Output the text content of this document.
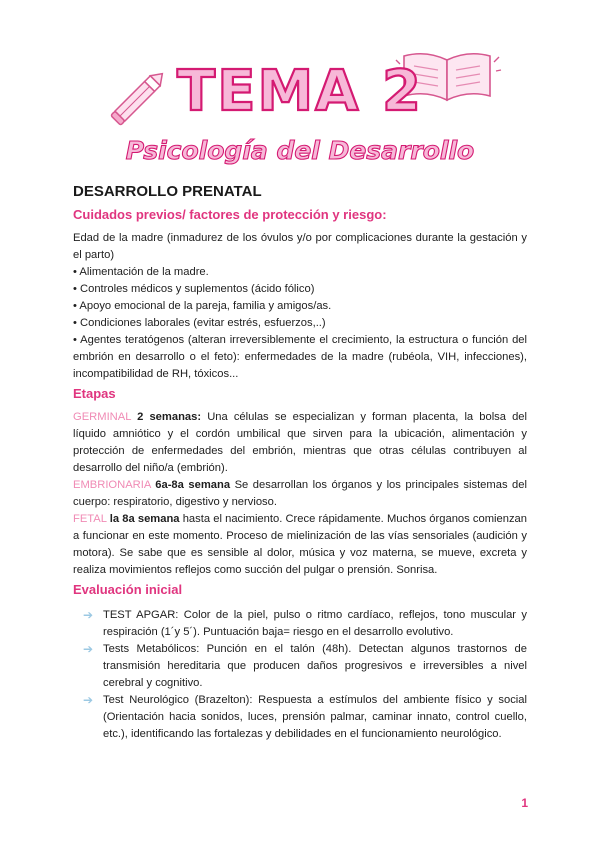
TEMA 2
Psicología del Desarrollo
DESARROLLO PRENATAL
Cuidados previos/ factores de protección y riesgo:

Edad de la madre (inmadurez de los óvulos y/o por complicaciones durante la gestación y el parto)

• Alimentación de la madre.

• Controles médicos y suplementos (ácido fólico)

• Apoyo emocional de la pareja, familia y amigos/as.

• Condiciones laborales (evitar estrés, esfuerzos,..)

• Agentes teratógenos (alteran irreversiblemente el crecimiento, la estructura o función del embrión en desarrollo o el feto): enfermedades de la madre (rubéola, VIH, infecciones), incompatibilidad de RH, tóxicos...

Etapas

GERMINAL 2 semanas: Una células se especializan y forman placenta, la bolsa del líquido amniótico y el cordón umbilical que sirven para la ubicación, alimentación y protección de enfermedades del embrión, mientras que otras células contribuyen al desarrollo del niño/a (embrión).

EMBRIONARIA 6a-8a semana Se desarrollan los órganos y los principales sistemas del cuerpo: respiratorio, digestivo y nervioso.

FETAL la 8a semana hasta el nacimiento. Crece rápidamente. Muchos órganos comienzan a funcionar en este momento. Proceso de mielinización de las vías sensoriales (audición y motora). Se sabe que es sensible al dolor, música y voz materna, se mueve, excreta y realiza movimientos reflejos como succión del pulgar o prensión. Sonrisa.

Evaluación inicial
➔ TEST APGAR: Color de la piel, pulso o ritmo cardíaco, reflejos, tono muscular y respiración (1´y 5´). Puntuación baja= riesgo en el desarrollo evolutivo.

➔ Tests Metabólicos: Punción en el talón (48h). Detectan algunos trastornos de transmisión hereditaria que producen daños progresivos e irreversibles a nivel cerebral y cognitivo.

➔ Test Neurológico (Brazelton): Respuesta a estímulos del ambiente físico y social (Orientación hacia sonidos, luces, prensión palmar, caminar innato, control cuello, etc.), identificando las fortalezas y debilidades en el funcionamiento neurológico.

1
